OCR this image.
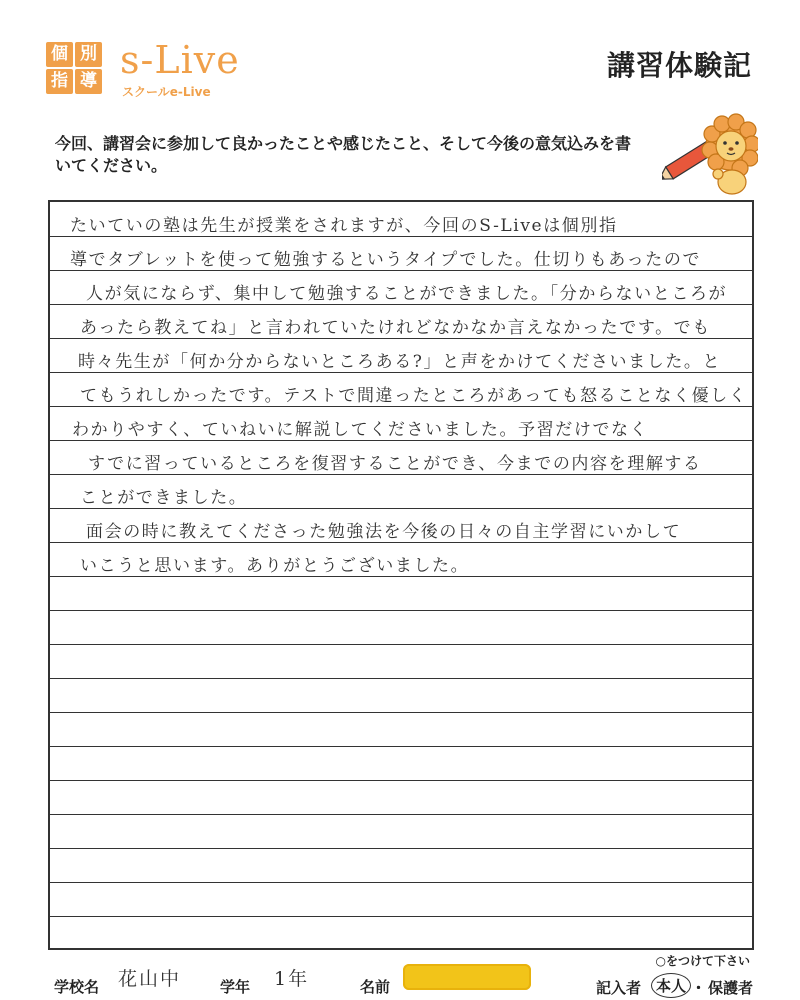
個 別
指 導 s-Live
スクールe-Live
講習体験記
今回、講習会に参加して良かったことや感じたこと、そして今後の意気込みを書いてください。
たいていの塾は先生が授業をされますが、今回のS-Liveは個別指
導でタブレットを使って勉強するというタイプでした。仕切りもあったので
人が気にならず、集中して勉強することができました。「分からないところが
あったら教えてね」と言われていたけれどなかなか言えなかったです。でも
時々先生が「何か分からないところある?」と声をかけてくださいました。と
てもうれしかったです。テストで間違ったところがあっても怒ることなく優しく
わかりやすく、ていねいに解説してくださいました。予習だけでなく
すでに習っているところを復習することができ、今までの内容を理解する
ことができました。
面会の時に教えてくださった勉強法を今後の日々の自主学習にいかして
いこうと思います。ありがとうございました。
学校名 花山中	学年 1年	名前
○をつけて下さい
記入者 本人 ・ 保護者
